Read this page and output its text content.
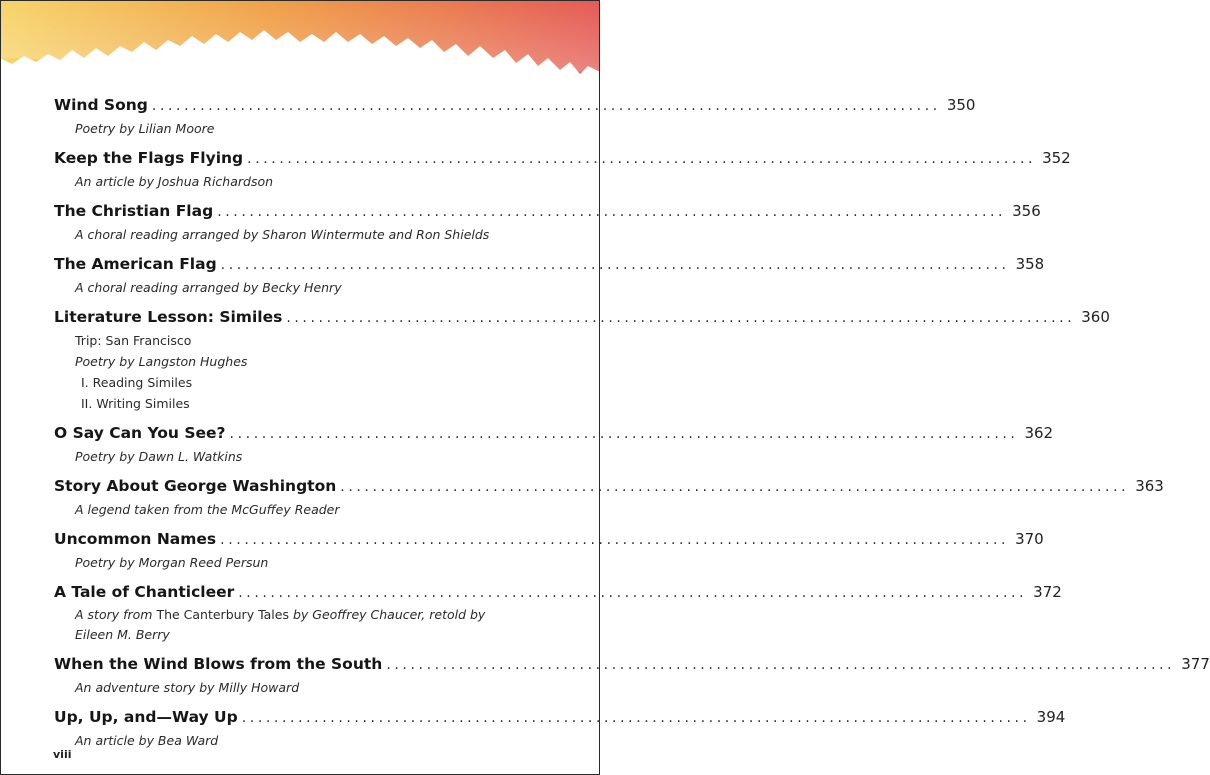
Wind Song .................................................................................................. 350
Poetry by Lilian Moore
Keep the Flags Flying .................................................................................................. 352
An article by Joshua Richardson
The Christian Flag .................................................................................................. 356
A choral reading arranged by Sharon Wintermute and Ron Shields
The American Flag .................................................................................................. 358
A choral reading arranged by Becky Henry
Literature Lesson: Similes .................................................................................................. 360
Trip: San Francisco
Poetry by Langston Hughes
I. Reading Similes
II. Writing Similes
O Say Can You See? .................................................................................................. 362
Poetry by Dawn L. Watkins
Story About George Washington .................................................................................................. 363
A legend taken from the McGuffey Reader
Uncommon Names .................................................................................................. 370
Poetry by Morgan Reed Persun
A Tale of Chanticleer .................................................................................................. 372
A story from The Canterbury Tales by Geoffrey Chaucer, retold by Eileen M. Berry
When the Wind Blows from the South .................................................................................................. 377
An adventure story by Milly Howard
Up, Up, and—Way Up .................................................................................................. 394
An article by Bea Ward
viii
